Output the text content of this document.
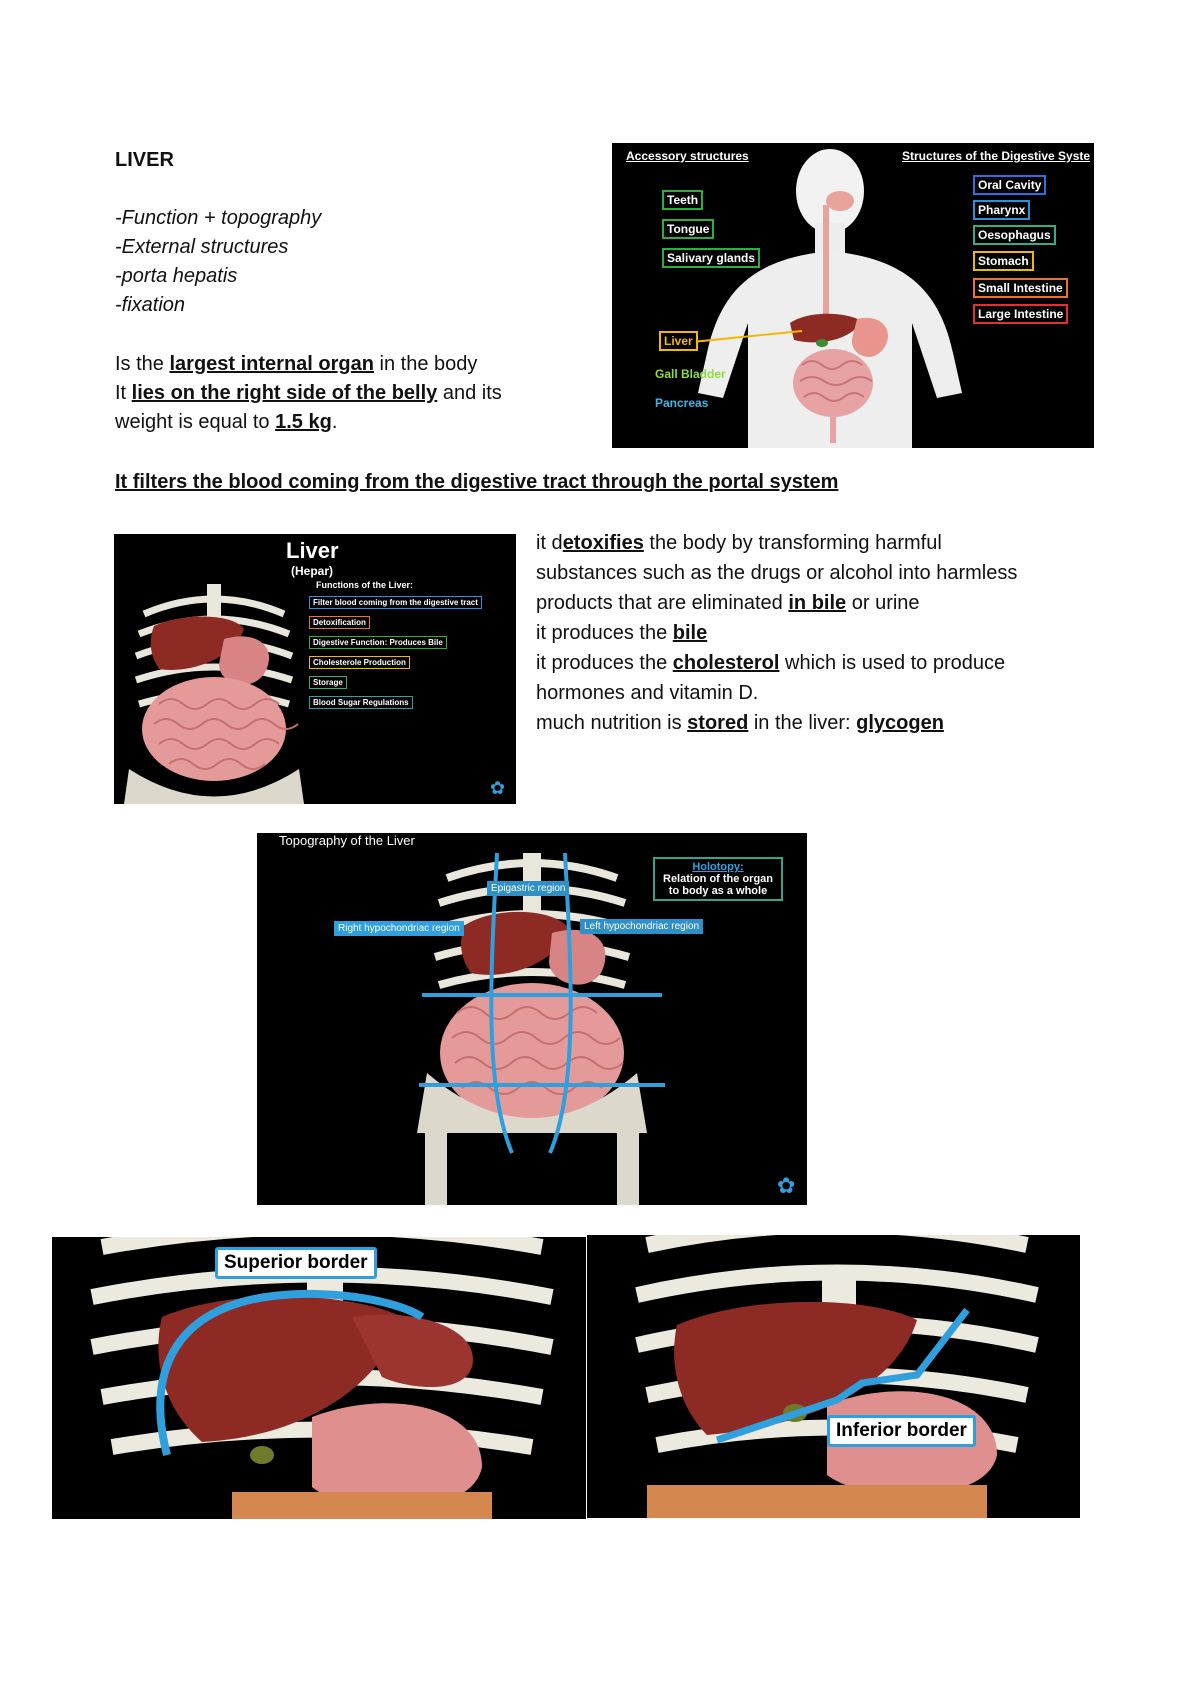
LIVER
-Function + topography
-External structures
-porta hepatis
-fixation
Is the largest internal organ in the body
It lies on the right side of the belly and its
weight is equal to 1.5 kg.
It filters the blood coming from the digestive tract through the portal system
it detoxifies the body by transforming harmful
substances such as the drugs or alcohol into harmless
products that are eliminated in bile or urine
it produces the bile
it produces the cholesterol which is used to produce
hormones and vitamin D.
much nutrition is stored in the liver: glycogen
Accessory structures	Structures of the Digestive Syste
Teeth
Tongue
Salivary glands
Liver
Gall Bladder
Pancreas
Oral Cavity
Pharynx
Oesophagus
Stomach
Small Intestine
Large Intestine
Liver
(Hepar)
Functions of the Liver:
Filter blood coming from the digestive tract
Detoxification
Digestive Function: Produces Bile
Cholesterole Production
Storage
Blood Sugar Regulations
✿
Topography of the Liver
Holotopy:
Relation of the organ
to body as a whole
Epigastric region
Right hypochondriac region	Left hypochondriac region
✿
Superior border
Inferior border
